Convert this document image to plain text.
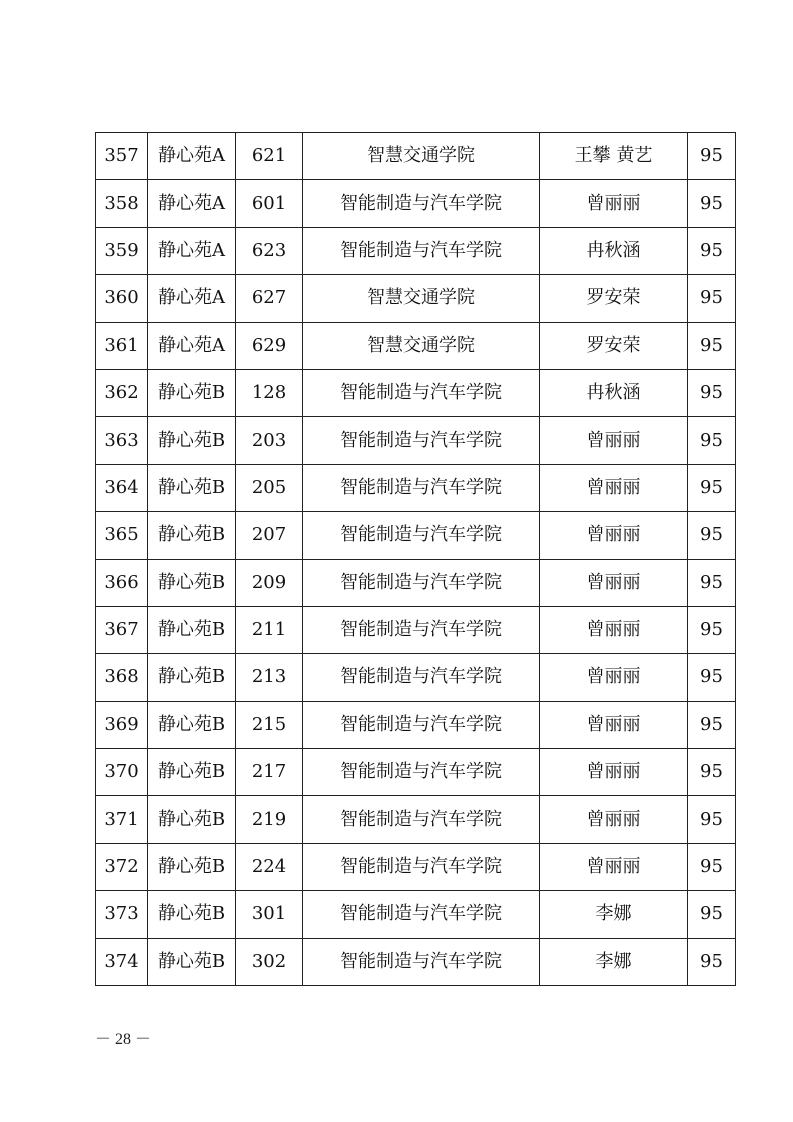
357	静心苑A	621	智慧交通学院	王攀 黄艺	95
358	静心苑A	601	智能制造与汽车学院	曾丽丽	95
359	静心苑A	623	智能制造与汽车学院	冉秋涵	95
360	静心苑A	627	智慧交通学院	罗安荣	95
361	静心苑A	629	智慧交通学院	罗安荣	95
362	静心苑B	128	智能制造与汽车学院	冉秋涵	95
363	静心苑B	203	智能制造与汽车学院	曾丽丽	95
364	静心苑B	205	智能制造与汽车学院	曾丽丽	95
365	静心苑B	207	智能制造与汽车学院	曾丽丽	95
366	静心苑B	209	智能制造与汽车学院	曾丽丽	95
367	静心苑B	211	智能制造与汽车学院	曾丽丽	95
368	静心苑B	213	智能制造与汽车学院	曾丽丽	95
369	静心苑B	215	智能制造与汽车学院	曾丽丽	95
370	静心苑B	217	智能制造与汽车学院	曾丽丽	95
371	静心苑B	219	智能制造与汽车学院	曾丽丽	95
372	静心苑B	224	智能制造与汽车学院	曾丽丽	95
373	静心苑B	301	智能制造与汽车学院	李娜	95
374	静心苑B	302	智能制造与汽车学院	李娜	95
－ 28 －
